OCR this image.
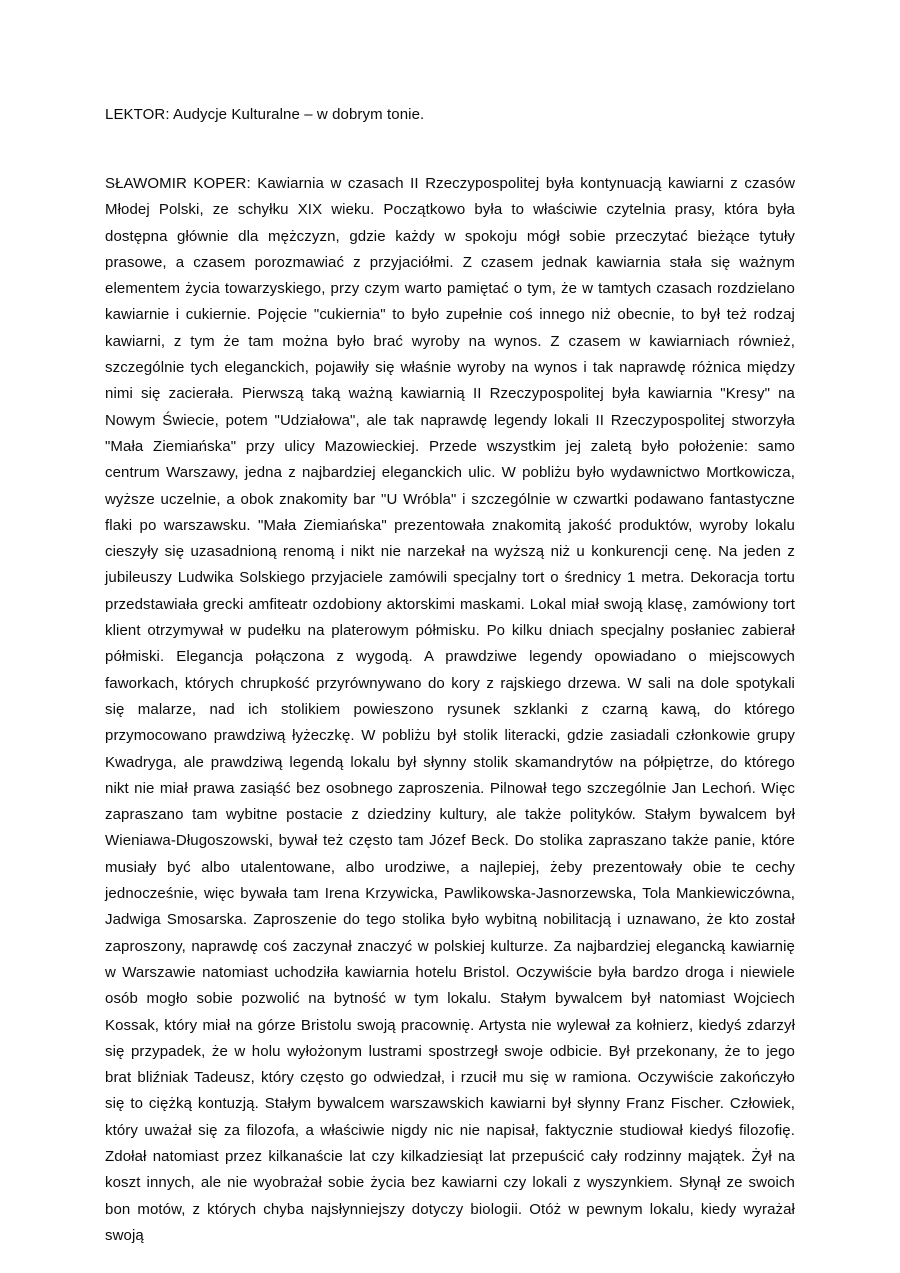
LEKTOR: Audycje Kulturalne – w dobrym tonie.

SŁAWOMIR KOPER: Kawiarnia w czasach II Rzeczypospolitej była kontynuacją kawiarni z czasów Młodej Polski, ze schyłku XIX wieku. Początkowo była to właściwie czytelnia prasy, która była dostępna głównie dla mężczyzn, gdzie każdy w spokoju mógł sobie przeczytać bieżące tytuły prasowe, a czasem porozmawiać z przyjaciółmi. Z czasem jednak kawiarnia stała się ważnym elementem życia towarzyskiego, przy czym warto pamiętać o tym, że w tamtych czasach rozdzielano kawiarnie i cukiernie. Pojęcie "cukiernia" to było zupełnie coś innego niż obecnie, to był też rodzaj kawiarni, z tym że tam można było brać wyroby na wynos. Z czasem w kawiarniach również, szczególnie tych eleganckich, pojawiły się właśnie wyroby na wynos i tak naprawdę różnica między nimi się zacierała. Pierwszą taką ważną kawiarnią II Rzeczypospolitej była kawiarnia "Kresy" na Nowym Świecie, potem "Udziałowa", ale tak naprawdę legendy lokali II Rzeczypospolitej stworzyła "Mała Ziemiańska" przy ulicy Mazowieckiej. Przede wszystkim jej zaletą było położenie: samo centrum Warszawy, jedna z najbardziej eleganckich ulic. W pobliżu było wydawnictwo Mortkowicza, wyższe uczelnie, a obok znakomity bar "U Wróbla" i szczególnie w czwartki podawano fantastyczne flaki po warszawsku. "Mała Ziemiańska" prezentowała znakomitą jakość produktów, wyroby lokalu cieszyły się uzasadnioną renomą i nikt nie narzekał na wyższą niż u konkurencji cenę. Na jeden z jubileuszy Ludwika Solskiego przyjaciele zamówili specjalny tort o średnicy 1 metra. Dekoracja tortu przedstawiała grecki amfiteatr ozdobiony aktorskimi maskami. Lokal miał swoją klasę, zamówiony tort klient otrzymywał w pudełku na platerowym półmisku. Po kilku dniach specjalny posłaniec zabierał półmiski. Elegancja połączona z wygodą. A prawdziwe legendy opowiadano o miejscowych faworkach, których chrupkość przyrównywano do kory z rajskiego drzewa. W sali na dole spotykali się malarze, nad ich stolikiem powieszono rysunek szklanki z czarną kawą, do którego przymocowano prawdziwą łyżeczkę. W pobliżu był stolik literacki, gdzie zasiadali członkowie grupy Kwadryga, ale prawdziwą legendą lokalu był słynny stolik skamandrytów na półpiętrze, do którego nikt nie miał prawa zasiąść bez osobnego zaproszenia. Pilnował tego szczególnie Jan Lechoń. Więc zapraszano tam wybitne postacie z dziedziny kultury, ale także polityków. Stałym bywalcem był Wieniawa-Długoszowski, bywał też często tam Józef Beck. Do stolika zapraszano także panie, które musiały być albo utalentowane, albo urodziwe, a najlepiej, żeby prezentowały obie te cechy jednocześnie, więc bywała tam Irena Krzywicka, Pawlikowska-Jasnorzewska, Tola Mankiewiczówna, Jadwiga Smosarska. Zaproszenie do tego stolika było wybitną nobilitacją i uznawano, że kto został zaproszony, naprawdę coś zaczynał znaczyć w polskiej kulturze. Za najbardziej elegancką kawiarnię w Warszawie natomiast uchodziła kawiarnia hotelu Bristol. Oczywiście była bardzo droga i niewiele osób mogło sobie pozwolić na bytność w tym lokalu. Stałym bywalcem był natomiast Wojciech Kossak, który miał na górze Bristolu swoją pracownię. Artysta nie wylewał za kołnierz, kiedyś zdarzył się przypadek, że w holu wyłożonym lustrami spostrzegł swoje odbicie. Był przekonany, że to jego brat bliźniak Tadeusz, który często go odwiedzał, i rzucił mu się w ramiona. Oczywiście zakończyło się to ciężką kontuzją. Stałym bywalcem warszawskich kawiarni był słynny Franz Fischer. Człowiek, który uważał się za filozofa, a właściwie nigdy nic nie napisał, faktycznie studiował kiedyś filozofię. Zdołał natomiast przez kilkanaście lat czy kilkadziesiąt lat przepuścić cały rodzinny majątek. Żył na koszt innych, ale nie wyobrażał sobie życia bez kawiarni czy lokali z wyszynkiem. Słynął ze swoich bon motów, z których chyba najsłynniejszy dotyczy biologii. Otóż w pewnym lokalu, kiedy wyrażał swoją
